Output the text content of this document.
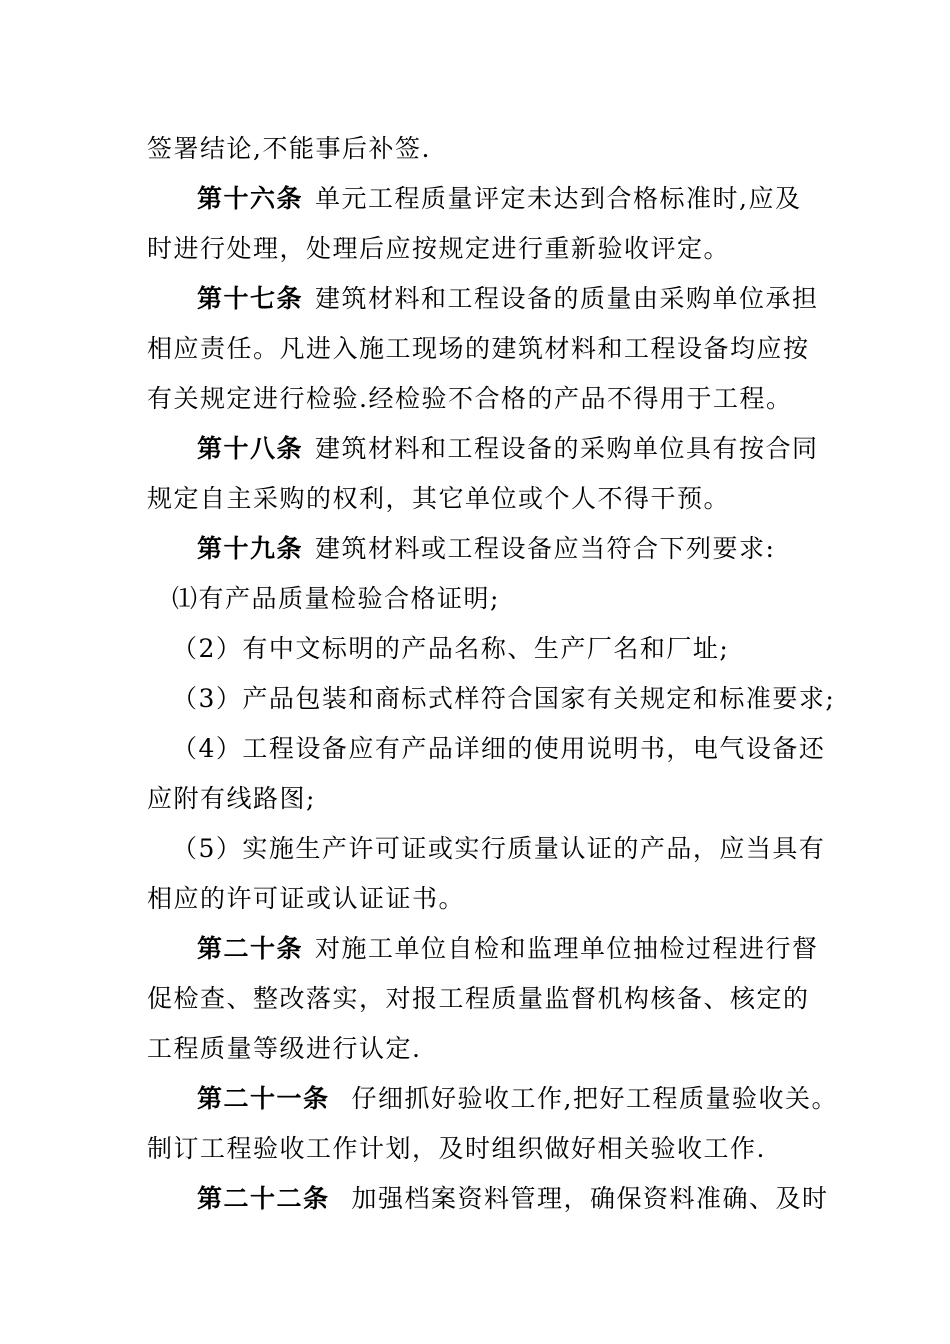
签署结论,不能事后补签.
第十六条 单元工程质量评定未达到合格标准时,应及
时进行处理，处理后应按规定进行重新验收评定。
第十七条 建筑材料和工程设备的质量由采购单位承担
相应责任。凡进入施工现场的建筑材料和工程设备均应按
有关规定进行检验.经检验不合格的产品不得用于工程。
第十八条 建筑材料和工程设备的采购单位具有按合同
规定自主采购的权利，其它单位或个人不得干预。
第十九条 建筑材料或工程设备应当符合下列要求:
⑴有产品质量检验合格证明;
（2）有中文标明的产品名称、生产厂名和厂址;
（3）产品包装和商标式样符合国家有关规定和标准要求;
（4）工程设备应有产品详细的使用说明书，电气设备还
应附有线路图;
（5）实施生产许可证或实行质量认证的产品，应当具有
相应的许可证或认证证书。
第二十条 对施工单位自检和监理单位抽检过程进行督
促检查、整改落实，对报工程质量监督机构核备、核定的
工程质量等级进行认定.
第二十一条 仔细抓好验收工作,把好工程质量验收关。
制订工程验收工作计划，及时组织做好相关验收工作.
第二十二条 加强档案资料管理，确保资料准确、及时
